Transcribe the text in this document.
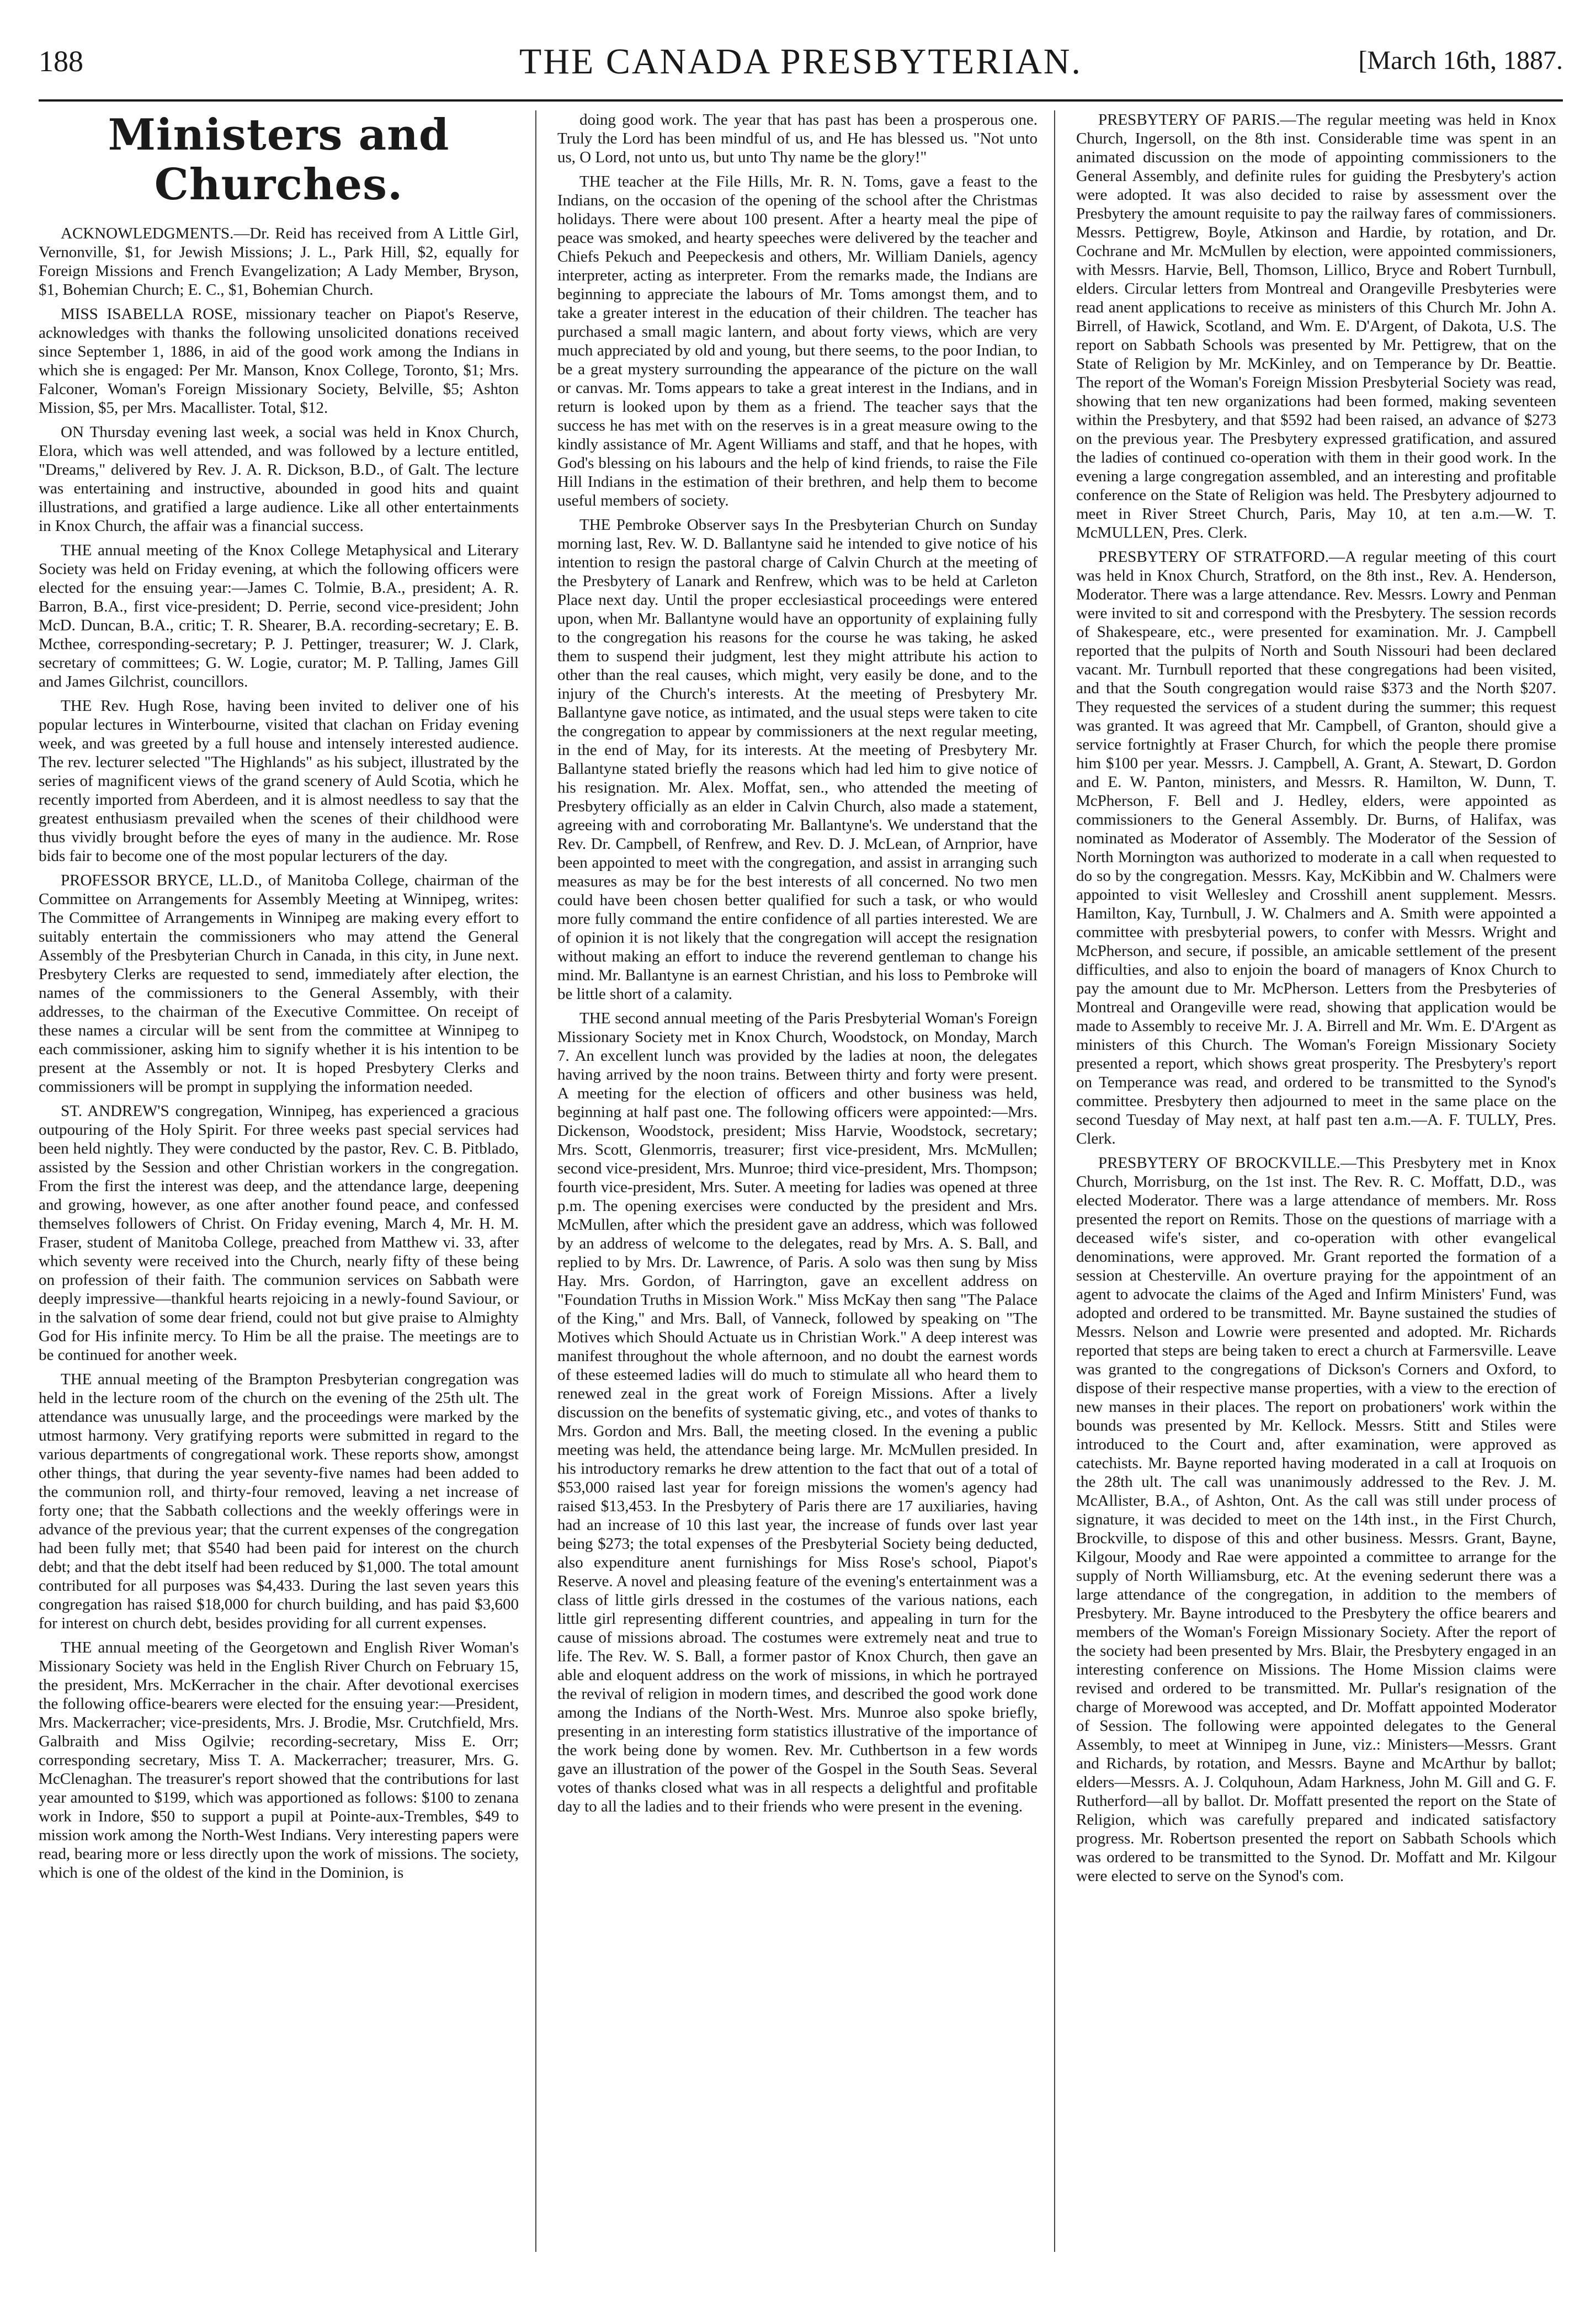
188	THE CANADA PRESBYTERIAN.	[March 16th, 1887.
Ministers and Churches.

ACKNOWLEDGMENTS.—Dr. Reid has received from A Little Girl, Vernonville, $1, for Jewish Missions; J. L., Park Hill, $2, equally for Foreign Missions and French Evangelization; A Lady Member, Bryson, $1, Bohemian Church; E. C., $1, Bohemian Church.

MISS ISABELLA ROSE, missionary teacher on Piapot's Reserve, acknowledges with thanks the following unsolicited donations received since September 1, 1886, in aid of the good work among the Indians in which she is engaged: Per Mr. Manson, Knox College, Toronto, $1; Mrs. Falconer, Woman's Foreign Missionary Society, Belville, $5; Ashton Mission, $5, per Mrs. Macallister. Total, $12.

ON Thursday evening last week, a social was held in Knox Church, Elora, which was well attended, and was followed by a lecture entitled, "Dreams," delivered by Rev. J. A. R. Dickson, B.D., of Galt. The lecture was entertaining and instructive, abounded in good hits and quaint illustrations, and gratified a large audience. Like all other entertainments in Knox Church, the affair was a financial success.

THE annual meeting of the Knox College Metaphysical and Literary Society was held on Friday evening, at which the following officers were elected for the ensuing year:—James C. Tolmie, B.A., president; A. R. Barron, B.A., first vice-president; D. Perrie, second vice-president; John McD. Duncan, B.A., critic; T. R. Shearer, B.A. recording-secretary; E. B. Mcthee, corresponding-secretary; P. J. Pettinger, treasurer; W. J. Clark, secretary of committees; G. W. Logie, curator; M. P. Talling, James Gill and James Gilchrist, councillors.

THE Rev. Hugh Rose, having been invited to deliver one of his popular lectures in Winterbourne, visited that clachan on Friday evening week, and was greeted by a full house and intensely interested audience. The rev. lecturer selected "The Highlands" as his subject, illustrated by the series of magnificent views of the grand scenery of Auld Scotia, which he recently imported from Aberdeen, and it is almost needless to say that the greatest enthusiasm prevailed when the scenes of their childhood were thus vividly brought before the eyes of many in the audience. Mr. Rose bids fair to become one of the most popular lecturers of the day.

PROFESSOR BRYCE, LL.D., of Manitoba College, chairman of the Committee on Arrangements for Assembly Meeting at Winnipeg, writes: The Committee of Arrangements in Winnipeg are making every effort to suitably entertain the commissioners who may attend the General Assembly of the Presbyterian Church in Canada, in this city, in June next. Presbytery Clerks are requested to send, immediately after election, the names of the commissioners to the General Assembly, with their addresses, to the chairman of the Executive Committee. On receipt of these names a circular will be sent from the committee at Winnipeg to each commissioner, asking him to signify whether it is his intention to be present at the Assembly or not. It is hoped Presbytery Clerks and commissioners will be prompt in supplying the information needed.

ST. ANDREW'S congregation, Winnipeg, has experienced a gracious outpouring of the Holy Spirit. For three weeks past special services had been held nightly. They were conducted by the pastor, Rev. C. B. Pitblado, assisted by the Session and other Christian workers in the congregation. From the first the interest was deep, and the attendance large, deepening and growing, however, as one after another found peace, and confessed themselves followers of Christ. On Friday evening, March 4, Mr. H. M. Fraser, student of Manitoba College, preached from Matthew vi. 33, after which seventy were received into the Church, nearly fifty of these being on profession of their faith. The communion services on Sabbath were deeply impressive—thankful hearts rejoicing in a newly-found Saviour, or in the salvation of some dear friend, could not but give praise to Almighty God for His infinite mercy. To Him be all the praise. The meetings are to be continued for another week.

THE annual meeting of the Brampton Presbyterian congregation was held in the lecture room of the church on the evening of the 25th ult. The attendance was unusually large, and the proceedings were marked by the utmost harmony. Very gratifying reports were submitted in regard to the various departments of congregational work. These reports show, amongst other things, that during the year seventy-five names had been added to the communion roll, and thirty-four removed, leaving a net increase of forty one; that the Sabbath collections and the weekly offerings were in advance of the previous year; that the current expenses of the congregation had been fully met; that $540 had been paid for interest on the church debt; and that the debt itself had been reduced by $1,000. The total amount contributed for all purposes was $4,433. During the last seven years this congregation has raised $18,000 for church building, and has paid $3,600 for interest on church debt, besides providing for all current expenses.

THE annual meeting of the Georgetown and English River Woman's Missionary Society was held in the English River Church on February 15, the president, Mrs. McKerracher in the chair. After devotional exercises the following office-bearers were elected for the ensuing year:—President, Mrs. Mackerracher; vice-presidents, Mrs. J. Brodie, Msr. Crutchfield, Mrs. Galbraith and Miss Ogilvie; recording-secretary, Miss E. Orr; corresponding secretary, Miss T. A. Mackerracher; treasurer, Mrs. G. McClenaghan. The treasurer's report showed that the contributions for last year amounted to $199, which was apportioned as follows: $100 to zenana work in Indore, $50 to support a pupil at Pointe-aux-Trembles, $49 to mission work among the North-West Indians. Very interesting papers were read, bearing more or less directly upon the work of missions. The society, which is one of the oldest of the kind in the Dominion, is

doing good work. The year that has past has been a prosperous one. Truly the Lord has been mindful of us, and He has blessed us. "Not unto us, O Lord, not unto us, but unto Thy name be the glory!"

THE teacher at the File Hills, Mr. R. N. Toms, gave a feast to the Indians, on the occasion of the opening of the school after the Christmas holidays. There were about 100 present. After a hearty meal the pipe of peace was smoked, and hearty speeches were delivered by the teacher and Chiefs Pekuch and Peepeckesis and others, Mr. William Daniels, agency interpreter, acting as interpreter. From the remarks made, the Indians are beginning to appreciate the labours of Mr. Toms amongst them, and to take a greater interest in the education of their children. The teacher has purchased a small magic lantern, and about forty views, which are very much appreciated by old and young, but there seems, to the poor Indian, to be a great mystery surrounding the appearance of the picture on the wall or canvas. Mr. Toms appears to take a great interest in the Indians, and in return is looked upon by them as a friend. The teacher says that the success he has met with on the reserves is in a great measure owing to the kindly assistance of Mr. Agent Williams and staff, and that he hopes, with God's blessing on his labours and the help of kind friends, to raise the File Hill Indians in the estimation of their brethren, and help them to become useful members of society.

THE Pembroke Observer says In the Presbyterian Church on Sunday morning last, Rev. W. D. Ballantyne said he intended to give notice of his intention to resign the pastoral charge of Calvin Church at the meeting of the Presbytery of Lanark and Renfrew, which was to be held at Carleton Place next day. Until the proper ecclesiastical proceedings were entered upon, when Mr. Ballantyne would have an opportunity of explaining fully to the congregation his reasons for the course he was taking, he asked them to suspend their judgment, lest they might attribute his action to other than the real causes, which might, very easily be done, and to the injury of the Church's interests. At the meeting of Presbytery Mr. Ballantyne gave notice, as intimated, and the usual steps were taken to cite the congregation to appear by commissioners at the next regular meeting, in the end of May, for its interests. At the meeting of Presbytery Mr. Ballantyne stated briefly the reasons which had led him to give notice of his resignation. Mr. Alex. Moffat, sen., who attended the meeting of Presbytery officially as an elder in Calvin Church, also made a statement, agreeing with and corroborating Mr. Ballantyne's. We understand that the Rev. Dr. Campbell, of Renfrew, and Rev. D. J. McLean, of Arnprior, have been appointed to meet with the congregation, and assist in arranging such measures as may be for the best interests of all concerned. No two men could have been chosen better qualified for such a task, or who would more fully command the entire confidence of all parties interested. We are of opinion it is not likely that the congregation will accept the resignation without making an effort to induce the reverend gentleman to change his mind. Mr. Ballantyne is an earnest Christian, and his loss to Pembroke will be little short of a calamity.

THE second annual meeting of the Paris Presbyterial Woman's Foreign Missionary Society met in Knox Church, Woodstock, on Monday, March 7. An excellent lunch was provided by the ladies at noon, the delegates having arrived by the noon trains. Between thirty and forty were present. A meeting for the election of officers and other business was held, beginning at half past one. The following officers were appointed:—Mrs. Dickenson, Woodstock, president; Miss Harvie, Woodstock, secretary; Mrs. Scott, Glenmorris, treasurer; first vice-president, Mrs. McMullen; second vice-president, Mrs. Munroe; third vice-president, Mrs. Thompson; fourth vice-president, Mrs. Suter. A meeting for ladies was opened at three p.m. The opening exercises were conducted by the president and Mrs. McMullen, after which the president gave an address, which was followed by an address of welcome to the delegates, read by Mrs. A. S. Ball, and replied to by Mrs. Dr. Lawrence, of Paris. A solo was then sung by Miss Hay. Mrs. Gordon, of Harrington, gave an excellent address on "Foundation Truths in Mission Work." Miss McKay then sang "The Palace of the King," and Mrs. Ball, of Vanneck, followed by speaking on "The Motives which Should Actuate us in Christian Work." A deep interest was manifest throughout the whole afternoon, and no doubt the earnest words of these esteemed ladies will do much to stimulate all who heard them to renewed zeal in the great work of Foreign Missions. After a lively discussion on the benefits of systematic giving, etc., and votes of thanks to Mrs. Gordon and Mrs. Ball, the meeting closed. In the evening a public meeting was held, the attendance being large. Mr. McMullen presided. In his introductory remarks he drew attention to the fact that out of a total of $53,000 raised last year for foreign missions the women's agency had raised $13,453. In the Presbytery of Paris there are 17 auxiliaries, having had an increase of 10 this last year, the increase of funds over last year being $273; the total expenses of the Presbyterial Society being deducted, also expenditure anent furnishings for Miss Rose's school, Piapot's Reserve. A novel and pleasing feature of the evening's entertainment was a class of little girls dressed in the costumes of the various nations, each little girl representing different countries, and appealing in turn for the cause of missions abroad. The costumes were extremely neat and true to life. The Rev. W. S. Ball, a former pastor of Knox Church, then gave an able and eloquent address on the work of missions, in which he portrayed the revival of religion in modern times, and described the good work done among the Indians of the North-West. Mrs. Munroe also spoke briefly, presenting in an interesting form statistics illustrative of the importance of the work being done by women. Rev. Mr. Cuthbertson in a few words gave an illustration of the power of the Gospel in the South Seas. Several votes of thanks closed what was in all respects a delightful and profitable day to all the ladies and to their friends who were present in the evening.

PRESBYTERY OF PARIS.—The regular meeting was held in Knox Church, Ingersoll, on the 8th inst. Considerable time was spent in an animated discussion on the mode of appointing commissioners to the General Assembly, and definite rules for guiding the Presbytery's action were adopted. It was also decided to raise by assessment over the Presbytery the amount requisite to pay the railway fares of commissioners. Messrs. Pettigrew, Boyle, Atkinson and Hardie, by rotation, and Dr. Cochrane and Mr. McMullen by election, were appointed commissioners, with Messrs. Harvie, Bell, Thomson, Lillico, Bryce and Robert Turnbull, elders. Circular letters from Montreal and Orangeville Presbyteries were read anent applications to receive as ministers of this Church Mr. John A. Birrell, of Hawick, Scotland, and Wm. E. D'Argent, of Dakota, U.S. The report on Sabbath Schools was presented by Mr. Pettigrew, that on the State of Religion by Mr. McKinley, and on Temperance by Dr. Beattie. The report of the Woman's Foreign Mission Presbyterial Society was read, showing that ten new organizations had been formed, making seventeen within the Presbytery, and that $592 had been raised, an advance of $273 on the previous year. The Presbytery expressed gratification, and assured the ladies of continued co-operation with them in their good work. In the evening a large congregation assembled, and an interesting and profitable conference on the State of Religion was held. The Presbytery adjourned to meet in River Street Church, Paris, May 10, at ten a.m.—W. T. McMULLEN, Pres. Clerk.

PRESBYTERY OF STRATFORD.—A regular meeting of this court was held in Knox Church, Stratford, on the 8th inst., Rev. A. Henderson, Moderator. There was a large attendance. Rev. Messrs. Lowry and Penman were invited to sit and correspond with the Presbytery. The session records of Shakespeare, etc., were presented for examination. Mr. J. Campbell reported that the pulpits of North and South Nissouri had been declared vacant. Mr. Turnbull reported that these congregations had been visited, and that the South congregation would raise $373 and the North $207. They requested the services of a student during the summer; this request was granted. It was agreed that Mr. Campbell, of Granton, should give a service fortnightly at Fraser Church, for which the people there promise him $100 per year. Messrs. J. Campbell, A. Grant, A. Stewart, D. Gordon and E. W. Panton, ministers, and Messrs. R. Hamilton, W. Dunn, T. McPherson, F. Bell and J. Hedley, elders, were appointed as commissioners to the General Assembly. Dr. Burns, of Halifax, was nominated as Moderator of Assembly. The Moderator of the Session of North Mornington was authorized to moderate in a call when requested to do so by the congregation. Messrs. Kay, McKibbin and W. Chalmers were appointed to visit Wellesley and Crosshill anent supplement. Messrs. Hamilton, Kay, Turnbull, J. W. Chalmers and A. Smith were appointed a committee with presbyterial powers, to confer with Messrs. Wright and McPherson, and secure, if possible, an amicable settlement of the present difficulties, and also to enjoin the board of managers of Knox Church to pay the amount due to Mr. McPherson. Letters from the Presbyteries of Montreal and Orangeville were read, showing that application would be made to Assembly to receive Mr. J. A. Birrell and Mr. Wm. E. D'Argent as ministers of this Church. The Woman's Foreign Missionary Society presented a report, which shows great prosperity. The Presbytery's report on Temperance was read, and ordered to be transmitted to the Synod's committee. Presbytery then adjourned to meet in the same place on the second Tuesday of May next, at half past ten a.m.—A. F. TULLY, Pres. Clerk.

PRESBYTERY OF BROCKVILLE.—This Presbytery met in Knox Church, Morrisburg, on the 1st inst. The Rev. R. C. Moffatt, D.D., was elected Moderator. There was a large attendance of members. Mr. Ross presented the report on Remits. Those on the questions of marriage with a deceased wife's sister, and co-operation with other evangelical denominations, were approved. Mr. Grant reported the formation of a session at Chesterville. An overture praying for the appointment of an agent to advocate the claims of the Aged and Infirm Ministers' Fund, was adopted and ordered to be transmitted. Mr. Bayne sustained the studies of Messrs. Nelson and Lowrie were presented and adopted. Mr. Richards reported that steps are being taken to erect a church at Farmersville. Leave was granted to the congregations of Dickson's Corners and Oxford, to dispose of their respective manse properties, with a view to the erection of new manses in their places. The report on probationers' work within the bounds was presented by Mr. Kellock. Messrs. Stitt and Stiles were introduced to the Court and, after examination, were approved as catechists. Mr. Bayne reported having moderated in a call at Iroquois on the 28th ult. The call was unanimously addressed to the Rev. J. M. McAllister, B.A., of Ashton, Ont. As the call was still under process of signature, it was decided to meet on the 14th inst., in the First Church, Brockville, to dispose of this and other business. Messrs. Grant, Bayne, Kilgour, Moody and Rae were appointed a committee to arrange for the supply of North Williamsburg, etc. At the evening sederunt there was a large attendance of the congregation, in addition to the members of Presbytery. Mr. Bayne introduced to the Presbytery the office bearers and members of the Woman's Foreign Missionary Society. After the report of the society had been presented by Mrs. Blair, the Presbytery engaged in an interesting conference on Missions. The Home Mission claims were revised and ordered to be transmitted. Mr. Pullar's resignation of the charge of Morewood was accepted, and Dr. Moffatt appointed Moderator of Session. The following were appointed delegates to the General Assembly, to meet at Winnipeg in June, viz.: Ministers—Messrs. Grant and Richards, by rotation, and Messrs. Bayne and McArthur by ballot; elders—Messrs. A. J. Colquhoun, Adam Harkness, John M. Gill and G. F. Rutherford—all by ballot. Dr. Moffatt presented the report on the State of Religion, which was carefully prepared and indicated satisfactory progress. Mr. Robertson presented the report on Sabbath Schools which was ordered to be transmitted to the Synod. Dr. Moffatt and Mr. Kilgour were elected to serve on the Synod's com.
